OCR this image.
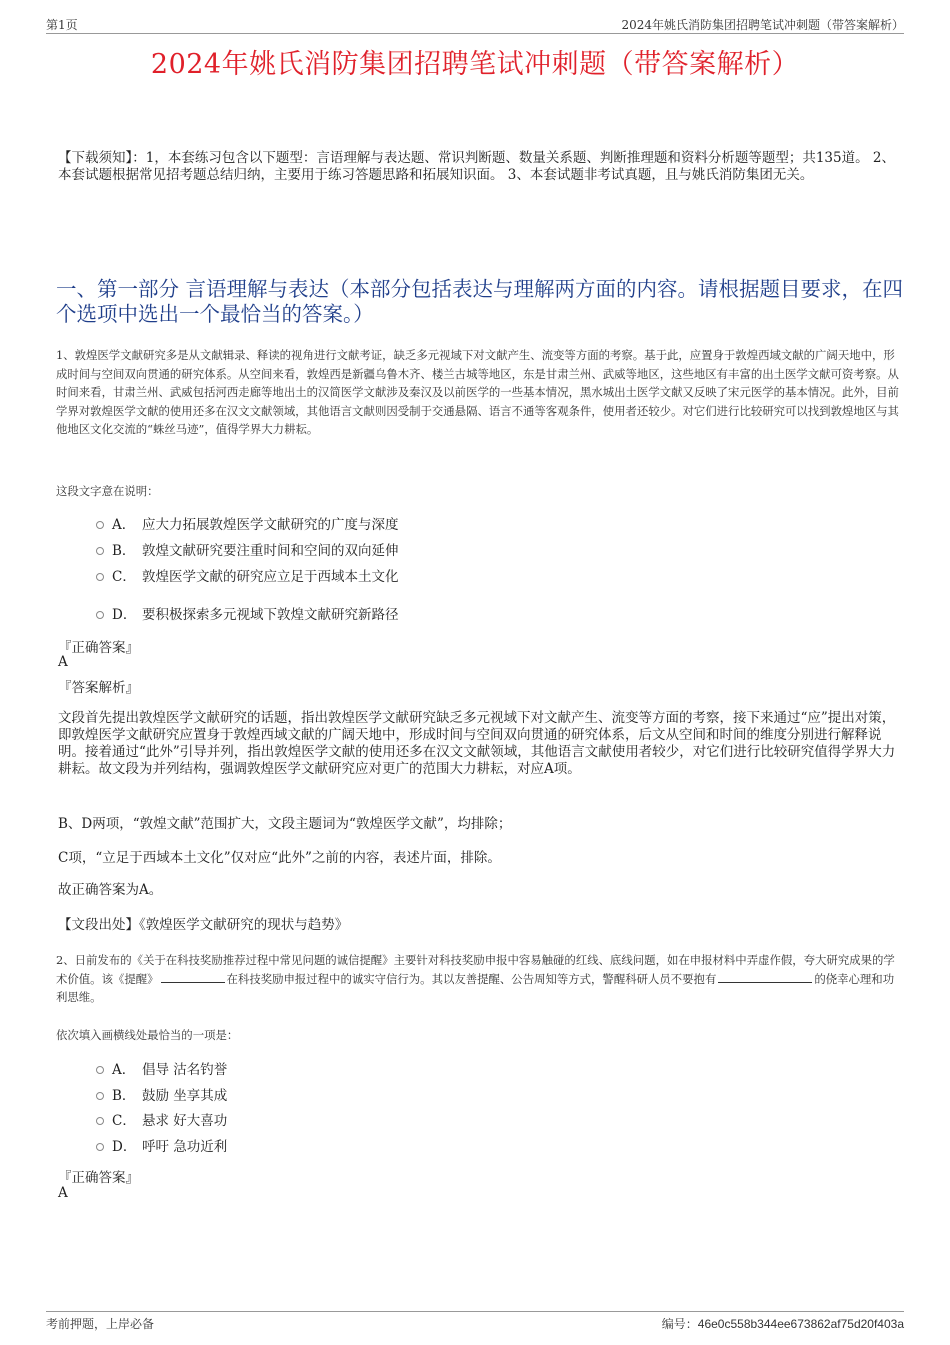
第1页	2024年姚氏消防集团招聘笔试冲刺题（带答案解析）
2024年姚氏消防集团招聘笔试冲刺题（带答案解析）
【下载须知】：1，本套练习包含以下题型：言语理解与表达题、常识判断题、数量关系题、判断推理题和资料分析题等题型；共135道。 2、本套试题根据常见招考题总结归纳，主要用于练习答题思路和拓展知识面。 3、本套试题非考试真题，且与姚氏消防集团无关。
一、第一部分 言语理解与表达（本部分包括表达与理解两方面的内容。请根据题目要求，在四个选项中选出一个最恰当的答案。）
1、敦煌医学文献研究多是从文献辑录、释读的视角进行文献考证，缺乏多元视域下对文献产生、流变等方面的考察。基于此，应置身于敦煌西域文献的广阔天地中，形成时间与空间双向贯通的研究体系。从空间来看，敦煌西是新疆乌鲁木齐、楼兰古城等地区，东是甘肃兰州、武威等地区，这些地区有丰富的出土医学文献可资考察。从时间来看，甘肃兰州、武威包括河西走廊等地出土的汉简医学文献涉及秦汉及以前医学的一些基本情况，黑水城出土医学文献又反映了宋元医学的基本情况。此外，目前学界对敦煌医学文献的使用还多在汉文文献领域，其他语言文献则因受制于交通悬隔、语言不通等客观条件，使用者还较少。对它们进行比较研究可以找到敦煌地区与其他地区文化交流的“蛛丝马迹”，值得学界大力耕耘。
这段文字意在说明：
A． 应大力拓展敦煌医学文献研究的广度与深度
B． 敦煌文献研究要注重时间和空间的双向延伸
C． 敦煌医学文献的研究应立足于西域本土文化
D． 要积极探索多元视域下敦煌文献研究新路径
『正确答案』
A
『答案解析』
文段首先提出敦煌医学文献研究的话题，指出敦煌医学文献研究缺乏多元视域下对文献产生、流变等方面的考察，接下来通过“应”提出对策，即敦煌医学文献研究应置身于敦煌西域文献的广阔天地中，形成时间与空间双向贯通的研究体系，后文从空间和时间的维度分别进行解释说明。接着通过“此外”引导并列，指出敦煌医学文献的使用还多在汉文文献领域，其他语言文献使用者较少，对它们进行比较研究值得学界大力耕耘。故文段为并列结构，强调敦煌医学文献研究应对更广的范围大力耕耘，对应A项。
B、D两项，“敦煌文献”范围扩大，文段主题词为“敦煌医学文献”，均排除；
C项，“立足于西域本土文化”仅对应“此外”之前的内容，表述片面，排除。
故正确答案为A。
【文段出处】《敦煌医学文献研究的现状与趋势》
2、日前发布的《关于在科技奖励推荐过程中常见问题的诚信提醒》主要针对科技奖励申报中容易触碰的红线、底线问题，如在申报材料中弄虚作假，夸大研究成果的学术价值。该《提醒》	在科技奖励申报过程中的诚实守信行为。其以友善提醒、公告周知等方式，警醒科研人员不要抱有	的侥幸心理和功利思维。
依次填入画横线处最恰当的一项是：
A． 倡导 沽名钓誉
B． 鼓励 坐享其成
C． 悬求 好大喜功
D． 呼吁 急功近利
『正确答案』
A
考前押题，上岸必备	编号：46e0c558b344ee673862af75d20f403a
